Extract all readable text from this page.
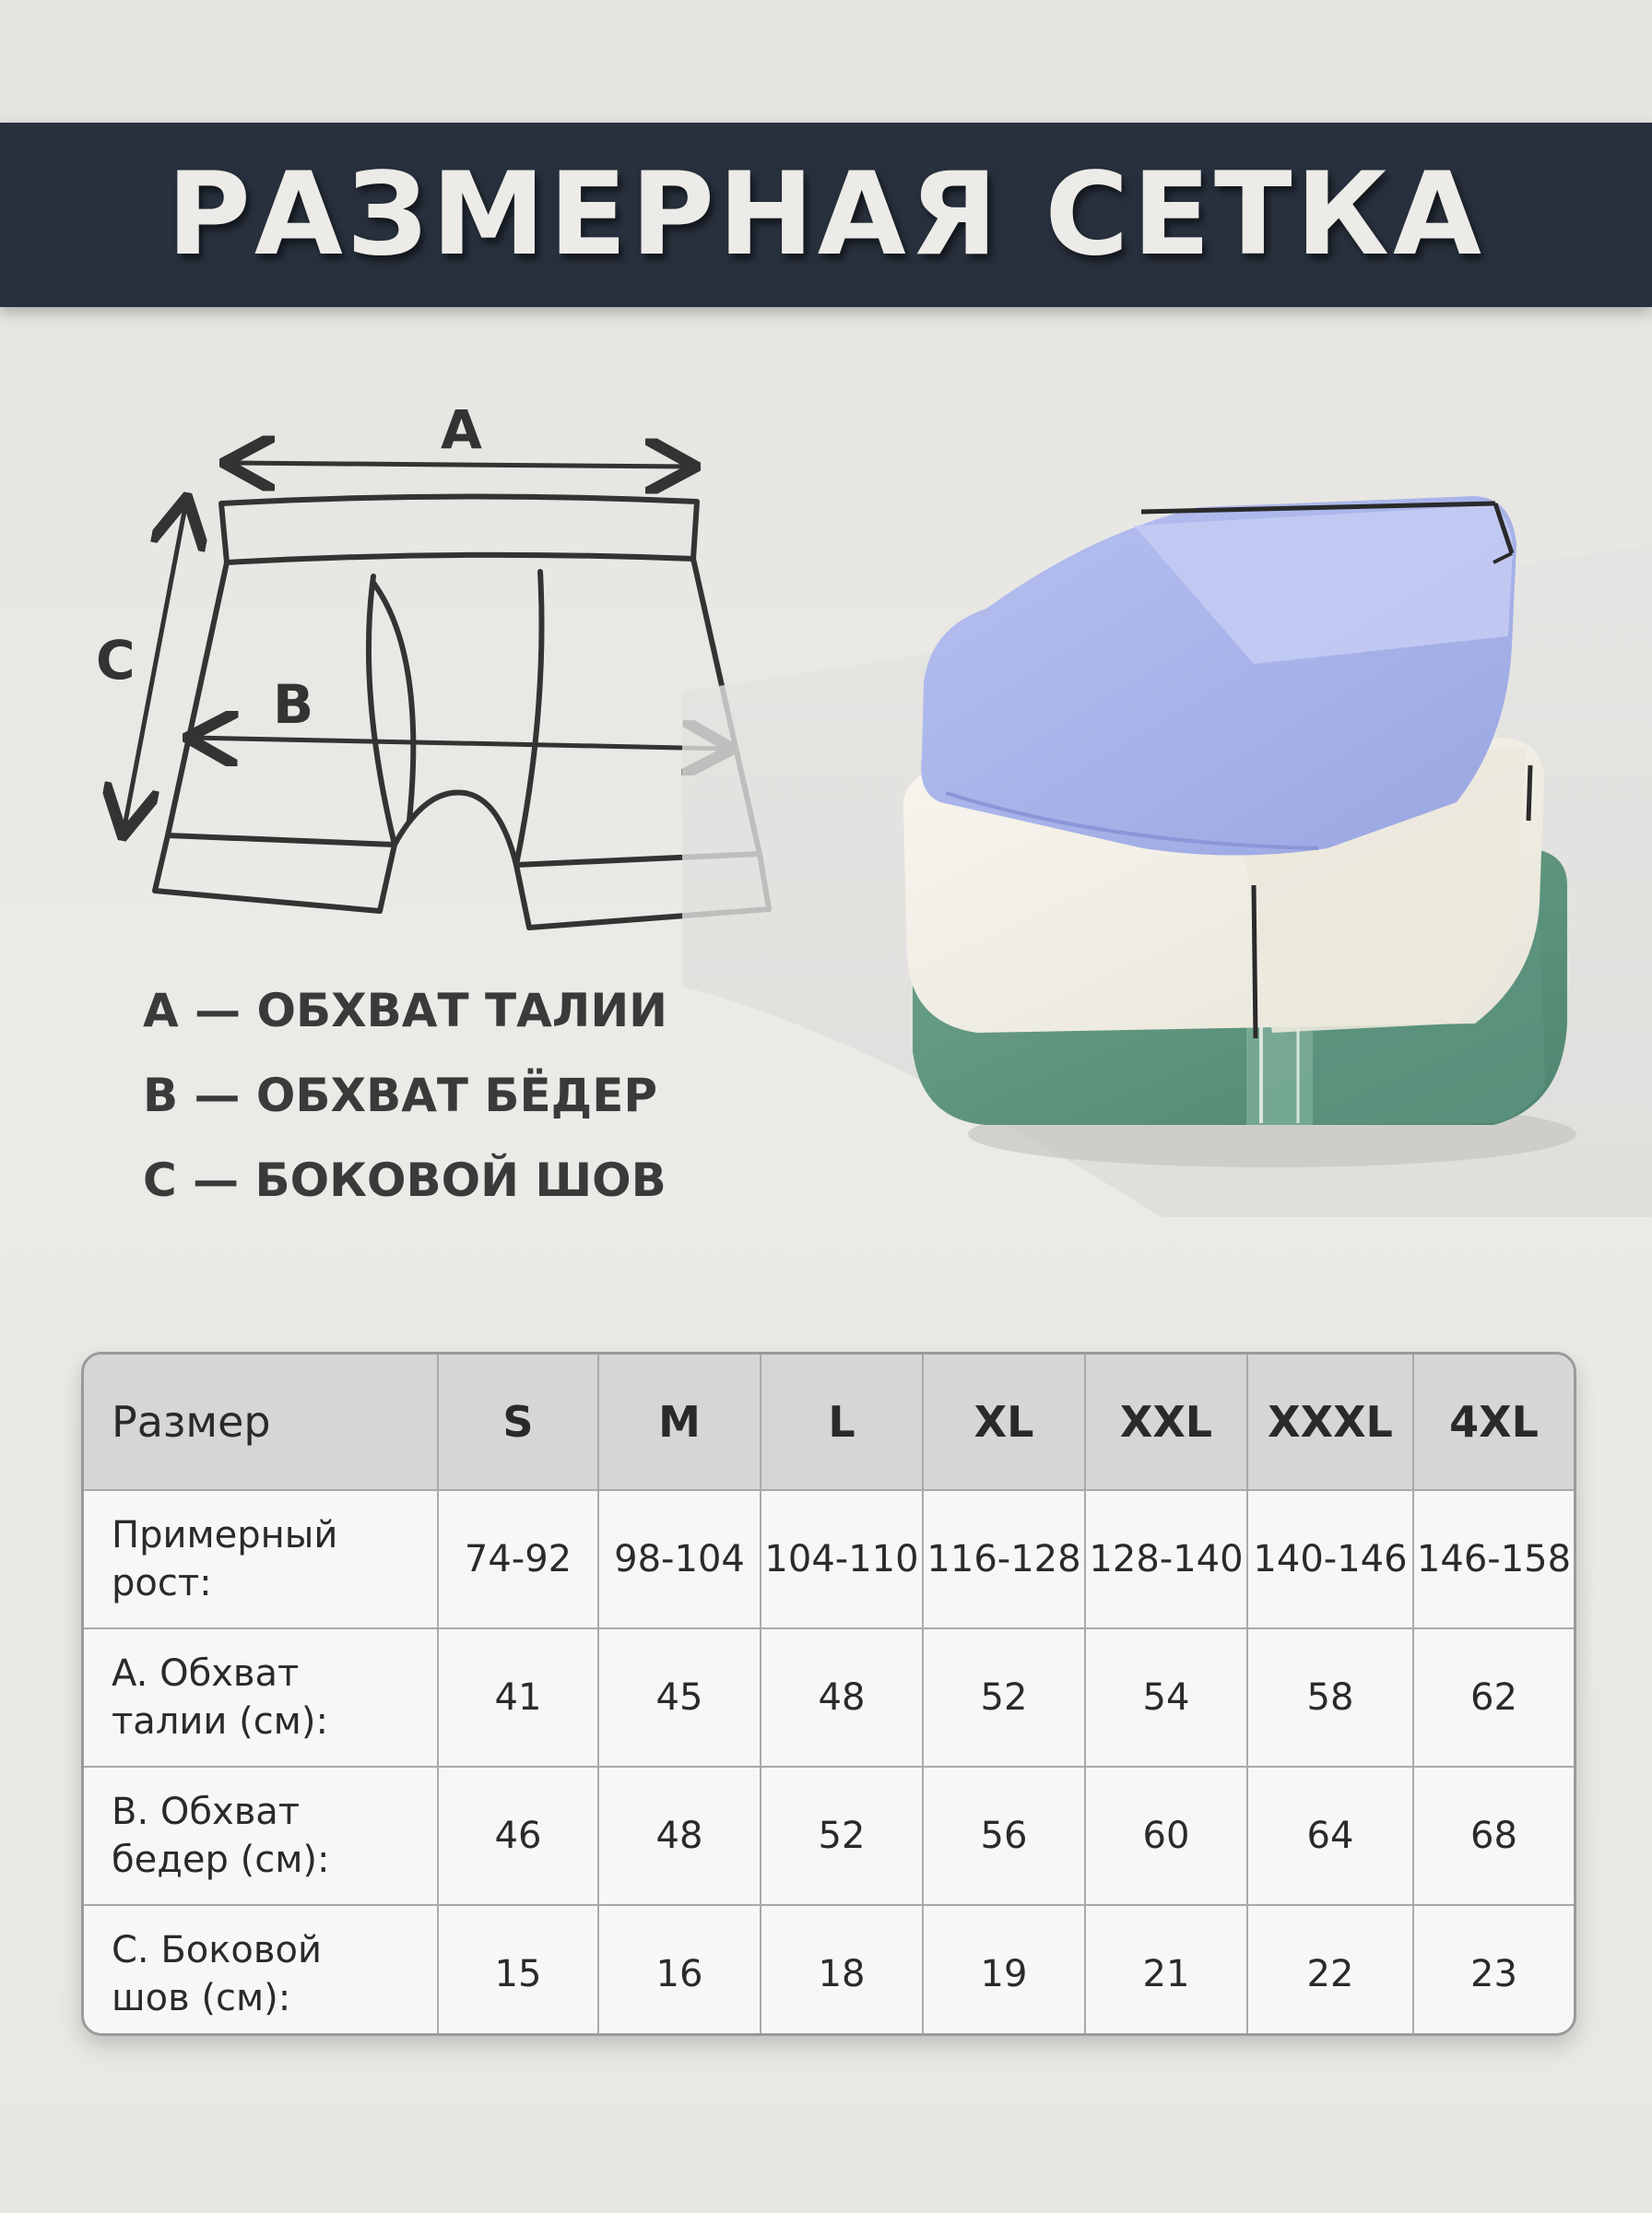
РАЗМЕРНАЯ СЕТКА
A
C
B
A — ОБХВАТ ТАЛИИ
B — ОБХВАТ БЁДЕР
C — БОКОВОЙ ШОВ
Размер	S	M	L	XL	XXL	XXXL	4XL
Примерный
рост:	74-92	98-104	104-110	116-128	128-140	140-146	146-158
A. Обхват
талии (см):	41	45	48	52	54	58	62
B. Обхват
бедер (см):	46	48	52	56	60	64	68
C. Боковой
шов (см):	15	16	18	19	21	22	23
